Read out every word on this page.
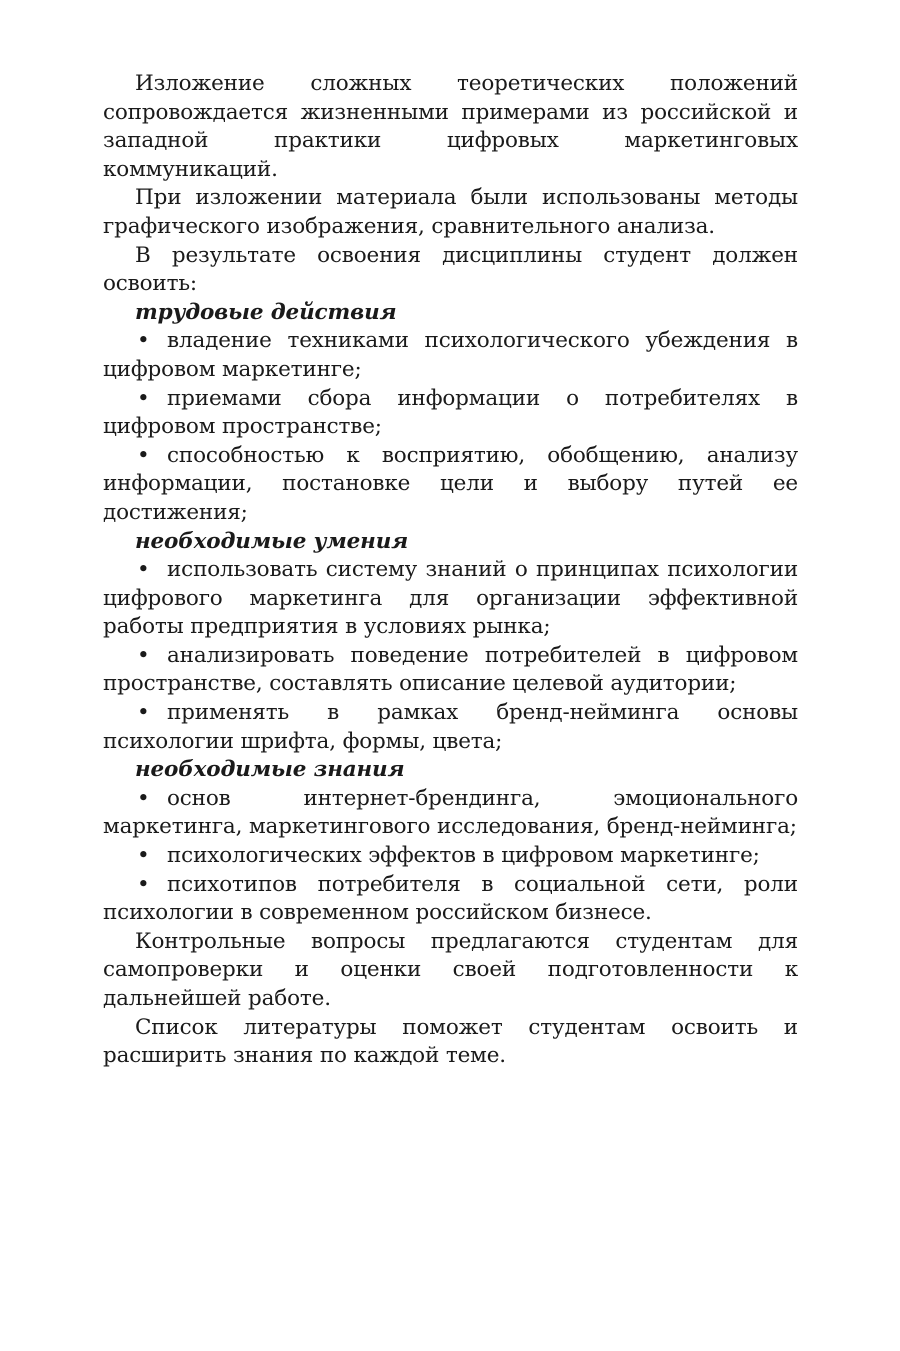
Изложение сложных теоретических положений сопровождается жизненными примерами из российской и западной практики цифровых маркетинговых коммуникаций.

При изложении материала были использованы методы графического изображения, сравнительного анализа.

В результате освоения дисциплины студент должен освоить:

трудовые действия

• владение техниками психологического убеждения в цифровом маркетинге;

• приемами сбора информации о потребителях в цифровом пространстве;

• способностью к восприятию, обобщению, анализу информации, постановке цели и выбору путей ее достижения;

необходимые умения

• использовать систему знаний о принципах психологии цифрового маркетинга для организации эффективной работы предприятия в условиях рынка;

• анализировать поведение потребителей в цифровом пространстве, составлять описание целевой аудитории;

• применять в рамках бренд-нейминга основы психологии шрифта, формы, цвета;

необходимые знания

• основ интернет-брендинга, эмоционального маркетинга, маркетингового исследования, бренд-нейминга;

• психологических эффектов в цифровом маркетинге;

• психотипов потребителя в социальной сети, роли психологии в современном российском бизнесе.

Контрольные вопросы предлагаются студентам для самопроверки и оценки своей подготовленности к дальнейшей работе.

Список литературы поможет студентам освоить и расширить знания по каждой теме.
